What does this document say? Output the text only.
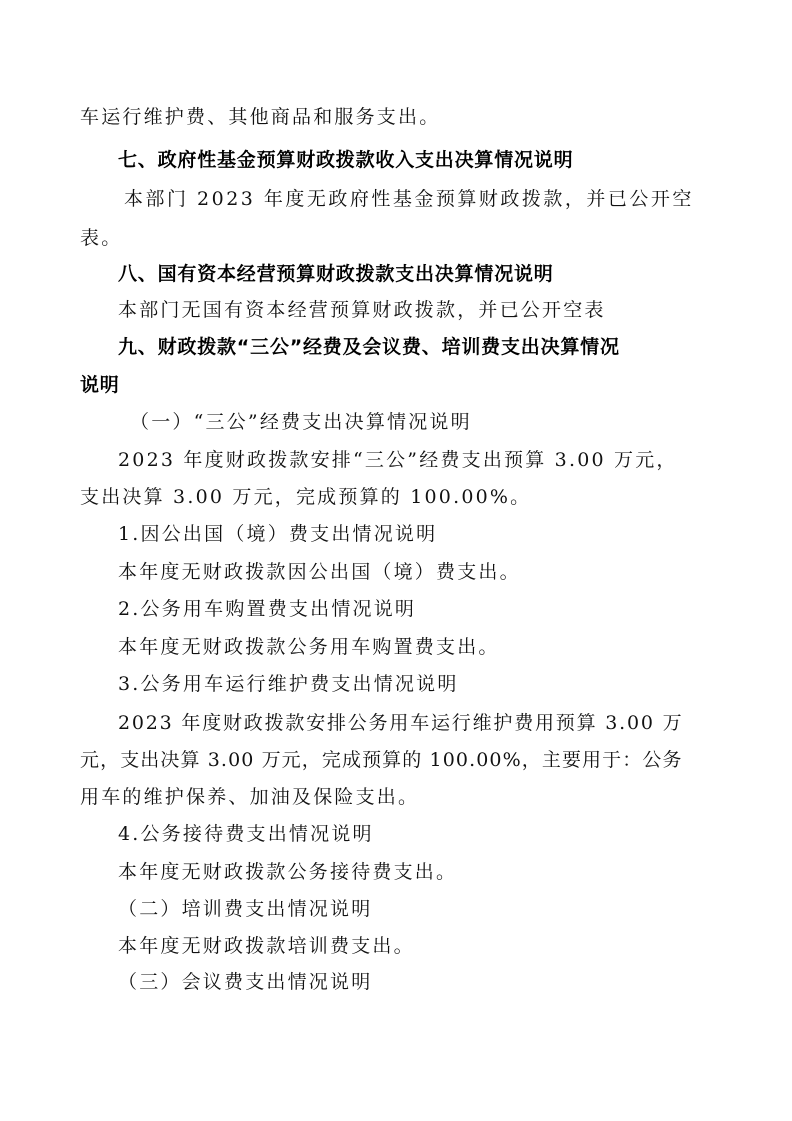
车运行维护费、其他商品和服务支出。
七、政府性基金预算财政拨款收入支出决算情况说明
本部门 2023 年度无政府性基金预算财政拨款，并已公开空
表。
八、国有资本经营预算财政拨款支出决算情况说明
本部门无国有资本经营预算财政拨款，并已公开空表
九、财政拨款“三公”经费及会议费、培训费支出决算情况
说明
（一）“三公”经费支出决算情况说明
2023 年度财政拨款安排“三公”经费支出预算 3.00 万元，
支出决算 3.00 万元，完成预算的 100.00%。
1.因公出国（境）费支出情况说明
本年度无财政拨款因公出国（境）费支出。
2.公务用车购置费支出情况说明
本年度无财政拨款公务用车购置费支出。
3.公务用车运行维护费支出情况说明
2023 年度财政拨款安排公务用车运行维护费用预算 3.00 万
元，支出决算 3.00 万元，完成预算的 100.00%，主要用于：公务
用车的维护保养、加油及保险支出。
4.公务接待费支出情况说明
本年度无财政拨款公务接待费支出。
（二）培训费支出情况说明
本年度无财政拨款培训费支出。
（三）会议费支出情况说明
